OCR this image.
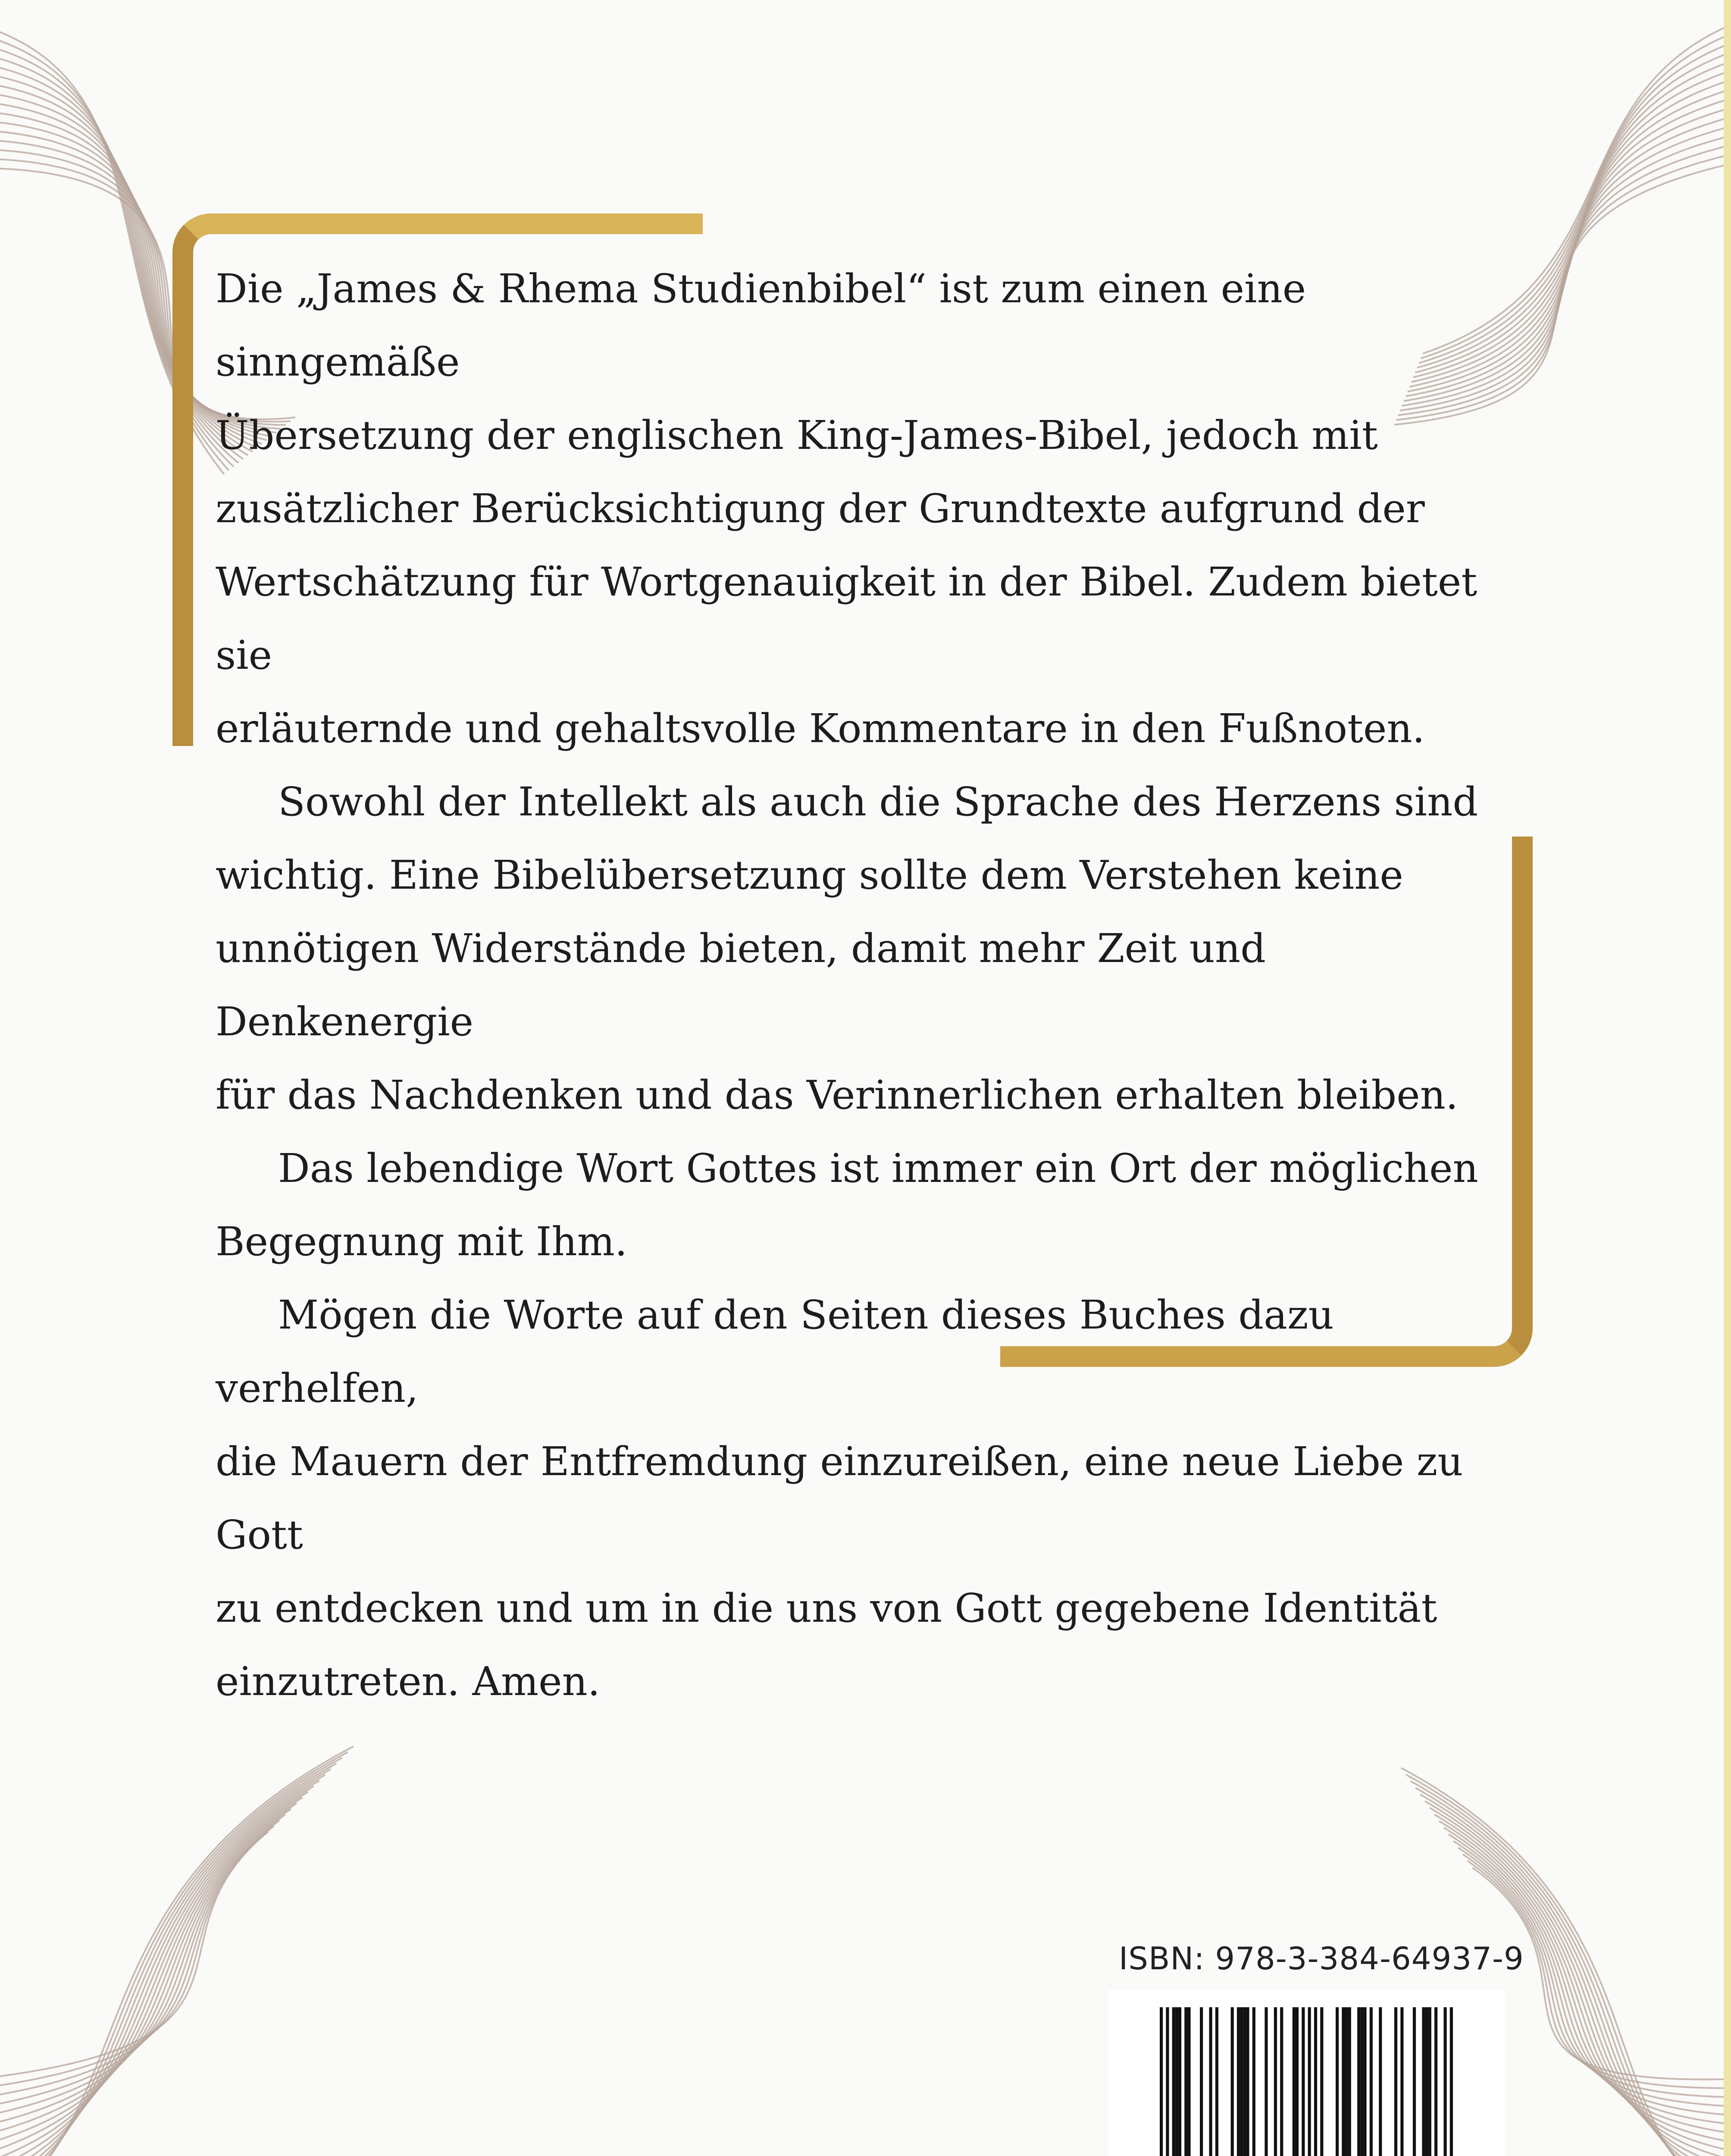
Die „James & Rhema Studienbibel“ ist zum einen eine sinngemäße
Übersetzung der englischen King-James-Bibel, jedoch mit
zusätzlicher Berücksichtigung der Grundtexte aufgrund der
Wertschätzung für Wortgenauigkeit in der Bibel. Zudem bietet sie
erläuternde und gehaltsvolle Kommentare in den Fußnoten.

Sowohl der Intellekt als auch die Sprache des Herzens sind
wichtig. Eine Bibelübersetzung sollte dem Verstehen keine
unnötigen Widerstände bieten, damit mehr Zeit und Denkenergie
für das Nachdenken und das Verinnerlichen erhalten bleiben.

Das lebendige Wort Gottes ist immer ein Ort der möglichen
Begegnung mit Ihm.

Mögen die Worte auf den Seiten dieses Buches dazu verhelfen,
die Mauern der Entfremdung einzureißen, eine neue Liebe zu Gott
zu entdecken und um in die uns von Gott gegebene Identität
einzutreten. Amen.

ISBN: 978-3-384-64937-9
